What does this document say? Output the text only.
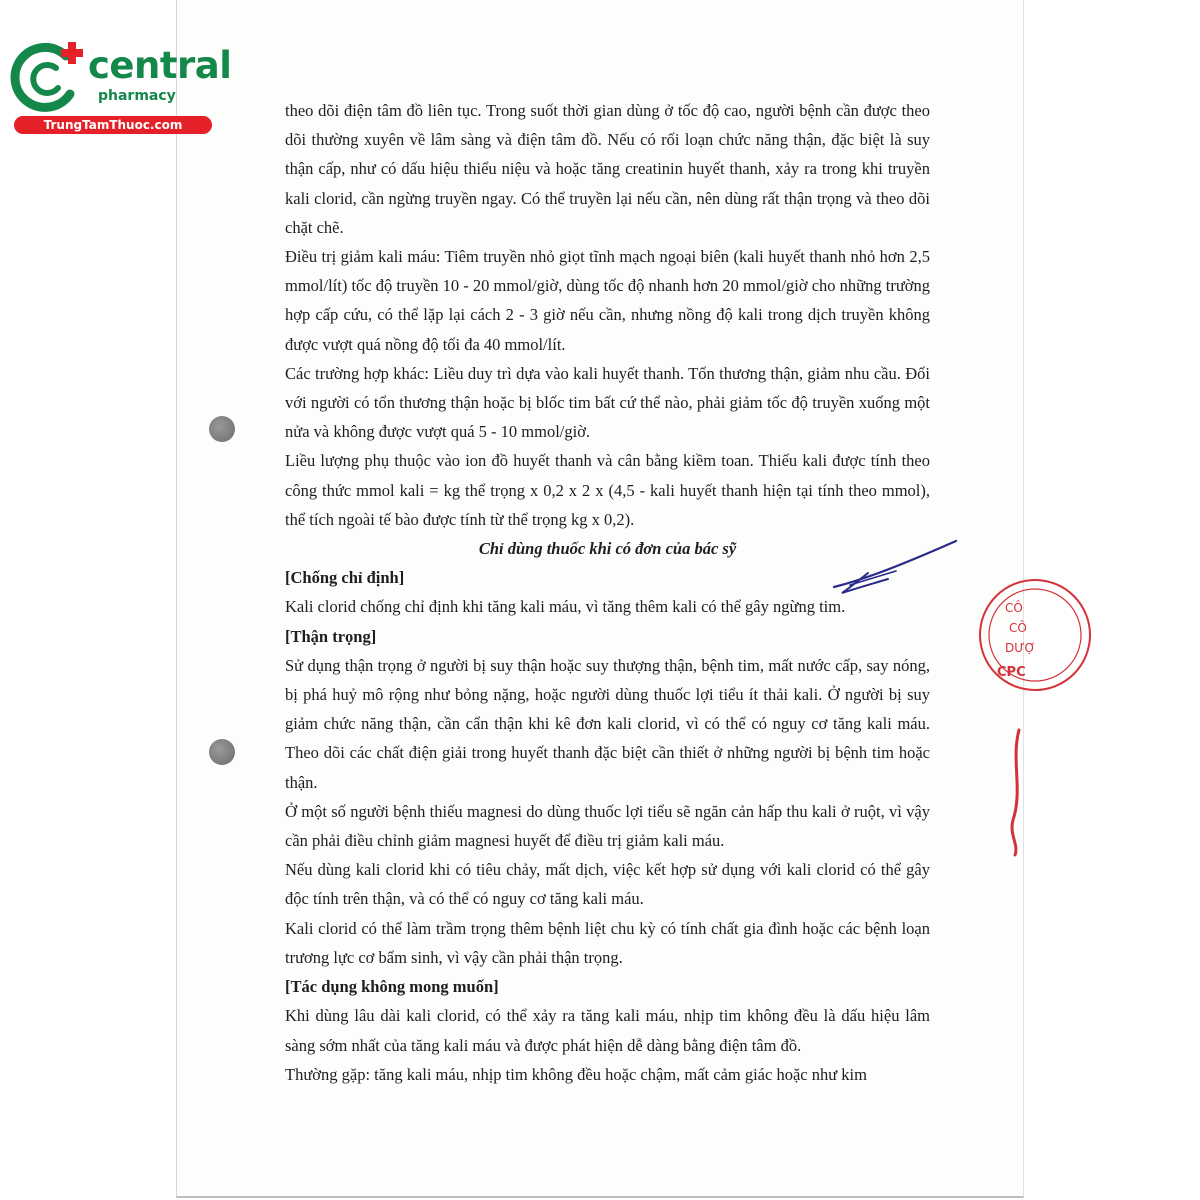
central
pharmacy
TrungTamThuoc.com

theo dõi điện tâm đồ liên tục. Trong suốt thời gian dùng ở tốc độ cao, người bệnh cần được theo dõi thường xuyên về lâm sàng và điện tâm đồ. Nếu có rối loạn chức năng thận, đặc biệt là suy thận cấp, như có dấu hiệu thiểu niệu và hoặc tăng creatinin huyết thanh, xảy ra trong khi truyền kali clorid, cần ngừng truyền ngay. Có thể truyền lại nếu cần, nên dùng rất thận trọng và theo dõi chặt chẽ.

Điều trị giảm kali máu: Tiêm truyền nhỏ giọt tĩnh mạch ngoại biên (kali huyết thanh nhỏ hơn 2,5 mmol/lít) tốc độ truyền 10 - 20 mmol/giờ, dùng tốc độ nhanh hơn 20 mmol/giờ cho những trường hợp cấp cứu, có thể lặp lại cách 2 - 3 giờ nếu cần, nhưng nồng độ kali trong dịch truyền không được vượt quá nồng độ tối đa 40 mmol/lít.

Các trường hợp khác: Liều duy trì dựa vào kali huyết thanh. Tổn thương thận, giảm nhu cầu. Đối với người có tổn thương thận hoặc bị blốc tim bất cứ thể nào, phải giảm tốc độ truyền xuống một nửa và không được vượt quá 5 - 10 mmol/giờ.

Liều lượng phụ thuộc vào ion đồ huyết thanh và cân bằng kiềm toan. Thiếu kali được tính theo công thức mmol kali = kg thể trọng x 0,2 x 2 x (4,5 - kali huyết thanh hiện tại tính theo mmol), thể tích ngoài tế bào được tính từ thể trọng kg x 0,2).

Chỉ dùng thuốc khi có đơn của bác sỹ

[Chống chỉ định]

Kali clorid chống chỉ định khi tăng kali máu, vì tăng thêm kali có thể gây ngừng tim.

[Thận trọng]

Sử dụng thận trọng ở người bị suy thận hoặc suy thượng thận, bệnh tim, mất nước cấp, say nóng, bị phá huỷ mô rộng như bỏng nặng, hoặc người dùng thuốc lợi tiểu ít thải kali. Ở người bị suy giảm chức năng thận, cần cẩn thận khi kê đơn kali clorid, vì có thể có nguy cơ tăng kali máu. Theo dõi các chất điện giải trong huyết thanh đặc biệt cần thiết ở những người bị bệnh tim hoặc thận.

Ở một số người bệnh thiếu magnesi do dùng thuốc lợi tiểu sẽ ngăn cản hấp thu kali ở ruột, vì vậy cần phải điều chỉnh giảm magnesi huyết để điều trị giảm kali máu.

Nếu dùng kali clorid khi có tiêu chảy, mất dịch, việc kết hợp sử dụng với kali clorid có thể gây độc tính trên thận, và có thể có nguy cơ tăng kali máu.

Kali clorid có thể làm trầm trọng thêm bệnh liệt chu kỳ có tính chất gia đình hoặc các bệnh loạn trương lực cơ bẩm sinh, vì vậy cần phải thận trọng.

[Tác dụng không mong muốn]

Khi dùng lâu dài kali clorid, có thể xảy ra tăng kali máu, nhịp tim không đều là dấu hiệu lâm sàng sớm nhất của tăng kali máu và được phát hiện dễ dàng bằng điện tâm đồ.

Thường gặp: tăng kali máu, nhịp tim không đều hoặc chậm, mất cảm giác hoặc như kim

CÔ
CÔ
DƯỢ
CPC
